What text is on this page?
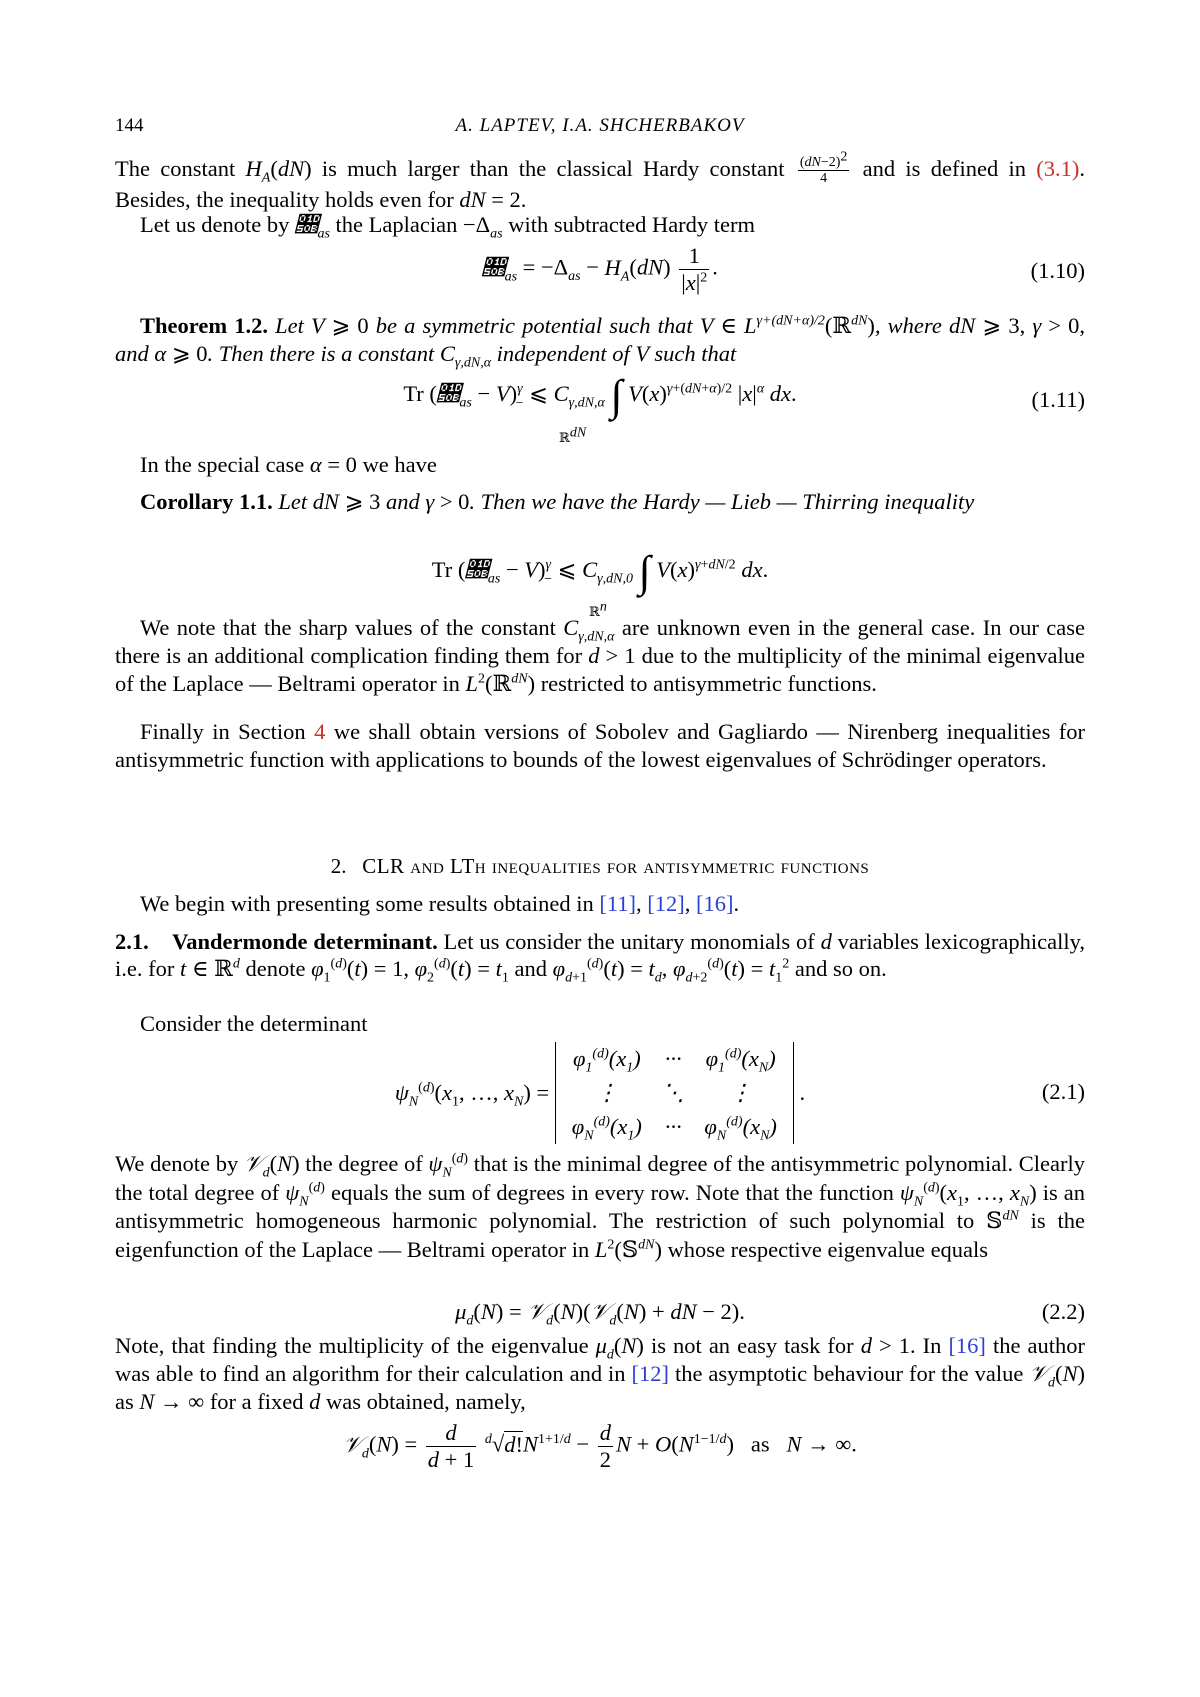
144	A. LAPTEV, I.A. SHCHERBAKOV
The constant $H_A(dN)$ is much larger than the classical Hardy constant $\frac{(dN-2)^2}{4}$ and is defined in (3.1). Besides, the inequality holds even for dN = 2.
Let us denote by $𝔋_{as}$ the Laplacian $-\Delta_{as}$ with subtracted Hardy term
$𝔋_{as} = -\Delta_{as} - H_A(dN) \frac{1}{|x|^2}$ .	(1.10)
Theorem 1.2. Let V ⩾ 0 be a symmetric potential such that V ∈ $L^{\gamma+(dN+\alpha)/2}(ℝ^{dN})$, where dN ⩾ 3, γ > 0, and α ⩾ 0. Then there is a constant $C_{\gamma,dN,\alpha}$ independent of V such that
Tr $(𝔋_{as} - V)^\gamma_-$ ⩽ $C_{\gamma,dN,\alpha}$ ∫ $V(x)^{\gamma+(dN+\alpha)/2}$ $|x|^\alpha$ dx.
ℝ$^{dN}$
(1.11)
In the special case α = 0 we have
Corollary 1.1. Let dN ⩾ 3 and γ > 0. Then we have the Hardy — Lieb — Thirring inequality
Tr $(𝔋_{as} - V)^\gamma_-$ ⩽ $C_{\gamma,dN,0}$ ∫ $V(x)^{\gamma+dN/2}$ dx.
ℝ$^n$
We note that the sharp values of the constant $C_{\gamma,dN,\alpha}$ are unknown even in the general case. In our case there is an additional complication finding them for d > 1 due to the multiplicity of the minimal eigenvalue of the Laplace — Beltrami operator in $L^2(ℝ^{dN})$ restricted to antisymmetric functions.
Finally in Section 4 we shall obtain versions of Sobolev and Gagliardo — Nirenberg inequalities for antisymmetric function with applications to bounds of the lowest eigenvalues of Schrödinger operators.
2. CLR and LTh inequalities for antisymmetric functions
We begin with presenting some results obtained in [11], [12], [16].
2.1. Vandermonde determinant. Let us consider the unitary monomials of d variables lexicographically, i.e. for t ∈ ℝ$^d$ denote $\varphi_1^{(d)}(t) = 1$, $\varphi_2^{(d)}(t) = t_1$ and $\varphi_{d+1}^{(d)}(t) = t_d$, $\varphi_{d+2}^{(d)}(t) = t_1^2$ and so on.
Consider the determinant
$\psi_N^{(d)}(x_1$, …, $x_N$) =
$\varphi_1^{(d)}(x_1)$	···	$\varphi_1^{(d)}(x_N)$
⋮	⋱	⋮
$\varphi_N^{(d)}(x_1)$	···	$\varphi_N^{(d)}(x_N)$
.	(2.1)
We denote by 𝒱$_d$(N) the degree of $\psi_N^{(d)}$ that is the minimal degree of the antisymmetric polynomial. Clearly the total degree of $\psi_N^{(d)}$ equals the sum of degrees in every row. Note that the function $\psi_N^{(d)}(x_1$, …, $x_N$) is an antisymmetric homogeneous harmonic polynomial. The restriction of such polynomial to 𝕊$^{dN}$ is the eigenfunction of the Laplace — Beltrami operator in $L^2(𝕊^{dN})$ whose respective eigenvalue equals
$\mu_d(N)$ = 𝒱$_d$(N)(𝒱$_d$(N) + dN − 2).	(2.2)
Note, that finding the multiplicity of the eigenvalue $\mu_d(N)$ is not an easy task for d > 1. In [16] the author was able to find an algorithm for their calculation and in [12] the asymptotic behaviour for the value 𝒱$_d$(N) as N → ∞ for a fixed d was obtained, namely,
𝒱$_d$(N) = $\frac{d}{d + 1} ^d√d!N^{1+1/d} - \frac{d}{2}$ $N + O(N^{1-1/d})$   as N → ∞.
